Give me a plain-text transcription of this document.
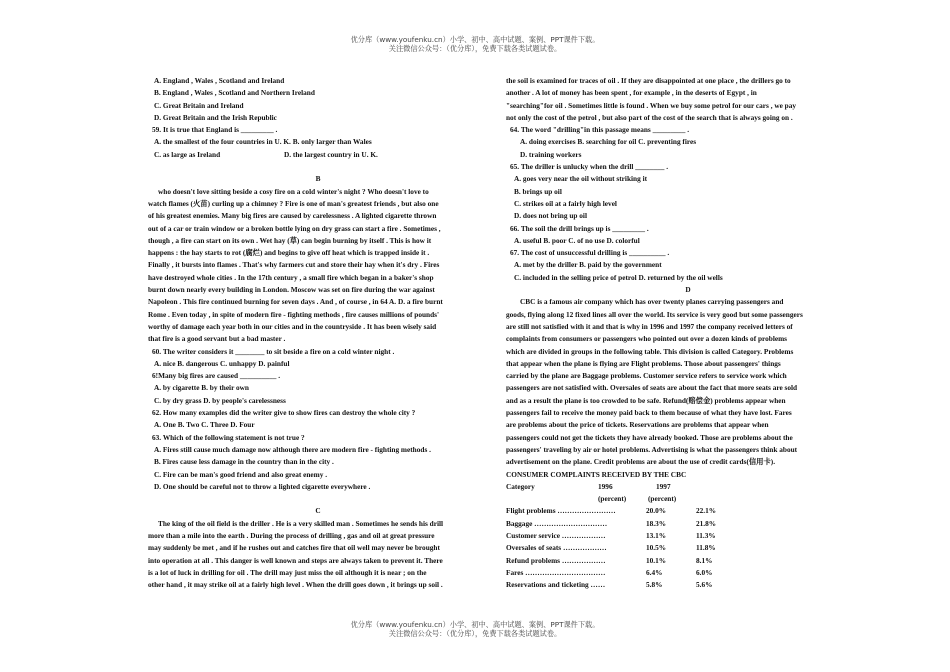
优分库（www.youfenku.cn）小学、初中、高中试题、案例、PPT课件下载。
关注微信公众号：（优分库），免费下载各类试题试卷。
A. England , Wales , Scotland and Ireland
B. England , Wales , Scotland and Northern Ireland
C. Great Britain and Ireland
D. Great Britain and the Irish Republic
59. It is true that England is _________ .
A. the smallest of the four countries in U. K. B. only larger than Wales
C. as large as Ireland	D. the largest country in U. K.
B
who doesn't love sitting beside a cosy fire on a cold winter's night ? Who doesn't love to
watch flames (火苗) curling up a chimney ? Fire is one of man's greatest friends , but also one
of his greatest enemies. Many big fires are caused by carelessness . A lighted cigarette thrown
out of a car or train window or a broken bottle lying on dry grass can start a fire . Sometimes ,
though , a fire can start on its own . Wet hay (草) can begin burning by itself . This is how it
happens : the hay starts to rot (腐烂) and begins to give off heat which is trapped inside it .
Finally , it bursts into flames . That's why farmers cut and store their hay when it's dry . Fires
have destroyed whole cities . In the 17th century , a small fire which began in a baker's shop
burnt down nearly every building in London. Moscow was set on fire during the war against
Napoleon . This fire continued burning for seven days . And , of course , in 64 A. D. a fire burnt
Rome . Even today , in spite of modern fire - fighting methods , fire causes millions of pounds'
worthy of damage each year both in our cities and in the countryside . It has been wisely said
that fire is a good servant but a bad master .
60. The writer considers it ________ to sit beside a fire on a cold winter night .
A. nice B. dangerous C. unhappy D. painful
6!Many big fires are caused __________ .
A. by cigarette B. by their own
C. by dry grass D. by people's carelessness
62. How many examples did the writer give to show fires can destroy the whole city ?
A. One B. Two C. Three D. Four
63. Which of the following statement is not true ?
A. Fires still cause much damage now although there are modern fire - fighting methods .
B. Fires cause less damage in the country than in the city .
C. Fire can be man's good friend and also great enemy .
D. One should be careful not to throw a lighted cigarette everywhere .
C
The king of the oil field is the driller . He is a very skilled man . Sometimes he sends his drill
more than a mile into the earth . During the process of drilling , gas and oil at great pressure
may suddenly be met , and if he rushes out and catches fire that oil well may never be brought
into operation at all . This danger is well known and steps are always taken to prevent it. There
is a lot of luck in drilling for oil . The drill may just miss the oil although it is near ; on the
other hand , it may strike oil at a fairly high level . When the drill goes down , it brings up soil .
the soil is examined for traces of oil . If they are disappointed at one place , the drillers go to
another . A lot of money has been spent , for example , in the deserts of Egypt , in
"searching"for oil . Sometimes little is found . When we buy some petrol for our cars , we pay
not only the cost of the petrol , but also part of the cost of the search that is always going on .
64. The word "drilling"in this passage means _________ .
A. doing exercises B. searching for oil C. preventing fires
D. training workers
65. The driller is unlucky when the drill ________ .
A. goes very near the oil without striking it
B. brings up oil
C. strikes oil at a fairly high level
D. does not bring up oil
66. The soil the drill brings up is _________ .
A. useful B. poor C. of no use D. colorful
67. The cost of unsuccessful drilling is __________ .
A. met by the driller B. paid by the government
C. included in the selling price of petrol D. returned by the oil wells
D
CBC is a famous air company which has over twenty planes carrying passengers and
goods, flying along 12 fixed lines all over the world. Its service is very good but some passengers
are still not satisfied with it and that is why in 1996 and 1997 the company received letters of
complaints from consumers or passengers who pointed out over a dozen kinds of problems
which are divided in groups in the following table. This division is called Category. Problems
that appear when the plane is flying are Flight problems. Those about passengers' things
carried by the plane are Baggage problems. Customer service refers to service work which
passengers are not satisfied with. Oversales of seats are about the fact that more seats are sold
and as a result the plane is too crowded to be safe. Refund(赔偿金) problems appear when
passengers fail to receive the money paid back to them because of what they have lost. Fares
are problems about the price of tickets. Reservations are problems that appear when
passengers could not get the tickets they have already booked. Those are problems about the
passengers' traveling by air or hotel problems. Advertising is what the passengers think about
advertisement on the plane. Credit problems are about the use of credit cards(信用卡).
CONSUMER COMPLAINTS RECEIVED BY THE CBC
Category	1996	1997
(percent)	(percent)
Flight problems ……………………	20.0%	22.1%
Baggage …………………………	18.3%	21.8%
Customer service ………………	13.1%	11.3%
Oversales of seats ………………	10.5%	11.8%
Refund problems ………………	10.1%	8.1%
Fares ……………………………	6.4%	6.0%
Reservations and ticketing ……	5.8%	5.6%
优分库（www.youfenku.cn）小学、初中、高中试题、案例、PPT课件下载。
关注微信公众号：（优分库），免费下载各类试题试卷。
